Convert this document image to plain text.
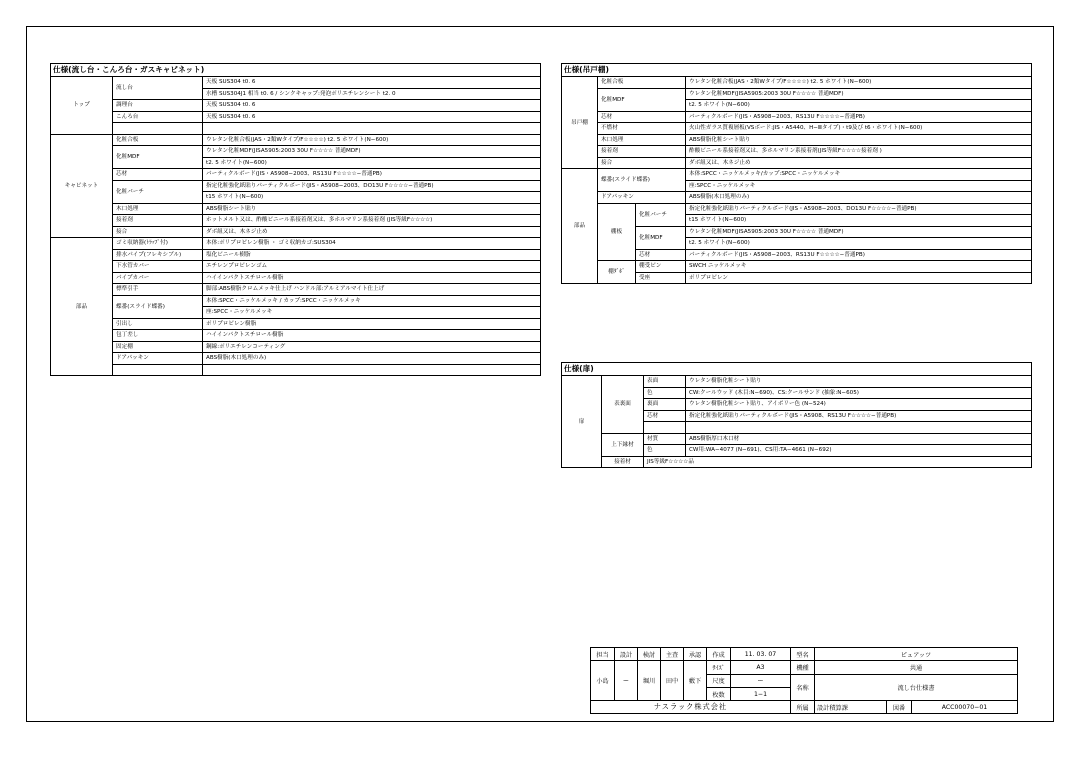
仕様(流し台・こんろ台・ガスキャビネット)		
トップ	流し台	天板 SUS304 t0. 6
		水槽 SUS304J1 相当 t0. 6 / シンクキャップ:発泡ポリエチレンシート t2. 0
	調理台	天板 SUS304 t0. 6
	こんろ台	天板 SUS304 t0. 6

キャビネット	化粧合板	ウレタン化粧合板(JAS・2類Wタイプ/F☆☆☆☆) t2. 5 ホワイト(N−600)
	化粧MDF	ウレタン化粧MDF(JISA5905:2003 30U F☆☆☆☆ 普通MDF)
		t2. 5 ホワイト(N−600)
	芯材	パーティクルボード(JIS・A5908−2003、RS13U F☆☆☆☆−普通PB)
	化粧バーチ	指定化粧強化紙貼りパーティクルボード(JIS・A5908−2003、DO13U F☆☆☆☆−普通PB)
		t15 ホワイト(N−600)
	木口処理	ABS樹脂シート貼り
	接着剤	ホットメルト又は、酢酸ビニール系接着剤又は、多ホルマリン系接着剤 (JIS等級F☆☆☆☆)
	接合	ダボ組又は、木ネジ止め
部品	ゴミ収納器(ﾄﾗｯﾌﾟ付)	本体:ポリプロピレン樹脂 ・ ゴミ収納カゴ:SUS304
	排水パイプ(フレキシブル)	塩化ビニール樹脂
	下水管カバー	エチレンプロピレンゴム
	パイプカバー	ハイインパクトスチロール樹脂
	標準引手	脚部:ABS樹脂クロムメッキ仕上げ ハンドル部:アルミアルマイト仕上げ
	蝶番(スライド蝶番)	本体:SPCC・ニッケルメッキ / カップ:SPCC・ニッケルメッキ
		座:SPCC・ニッケルメッキ
	引出し	ポリプロピレン樹脂
	包丁差し	ハイインパクトスチロール樹脂
	固定棚	鋼線:ポリエチレンコーティング
	ドアパッキン	ABS樹脂(木口処理のみ)

仕様(吊戸棚)			
吊戸棚	化粧合板		ウレタン化粧合板(JAS・2類Wタイプ/F☆☆☆☆) t2. 5 ホワイト(N−600)
	化粧MDF		ウレタン化粧MDF(JISA5905:2003 30U F☆☆☆☆ 普通MDF)
			t2. 5 ホワイト(N−600)
	芯材		パーティクルボード(JIS・A5908−2003、RS13U F☆☆☆☆−普通PB)
	不燃材		火山性ガラス質複層板(VSボード:JIS・A5440、H−Ⅲタイプ)・t9及び t6・ホワイト(N−600)
	木口処理		ABS樹脂化粧シート貼り
	接着剤		酢酸ビニール系接着剤又は、多ホルマリン系接着剤(JIS等級F☆☆☆☆接着剤 )
	接合		ダボ組又は、木ネジ止め
部品	蝶番(スライド蝶番)		本体:SPCC・ニッケルメッキ/カップ:SPCC・ニッケルメッキ
			座:SPCC・ニッケルメッキ
	ドアパッキン		ABS樹脂(木口処理のみ)
	棚板	化粧バーチ	指定化粧強化紙貼りパーティクルボード(JIS・A5908−2003、DO13U F☆☆☆☆−普通PB)
			t15 ホワイト(N−600)
		化粧MDF	ウレタン化粧MDF(JISA5905:2003 30U F☆☆☆☆ 普通MDF)
			t2. 5 ホワイト(N−600)
		芯材	パーティクルボード(JIS・A5908−2003、RS13U F☆☆☆☆−普通PB)
	棚ﾀﾞﾎﾞ	棚受ピン	SWCH ニッケルメッキ
		受座	ポリプロピレン
仕様(扉)			
扉	表裏面	表面	ウレタン樹脂化粧シート貼り
		色	CW:クールウッド (木目:N−690)、CS:クールサンド (抽象:N−605)
		裏面	ウレタン樹脂化粧シート貼り、アイボリー色 (N−524)
		芯材	指定化粧強化紙貼りパーティクルボード(JIS・A5908、RS13U F☆☆☆☆−普通PB)

	上下縁材	材質	ABS樹脂厚口木口材
		色	CW用:WA−4077 (N−691)、CS用:TA−4661 (N−692)
	接着材	JIS等級F☆☆☆☆品	
担当	設計	検討	主査	承認	作成	11. 03. 07	型名	ピュアッツ		
小島	ー	堀川	田中	藪下	ｻｲｽﾞ	A3	機種	共通		
					尺度	ー	名称	流し台仕様書		
					枚数	1−1				
ナスラック株式会社							所属	設計積算課	図番	ACC00070−01
